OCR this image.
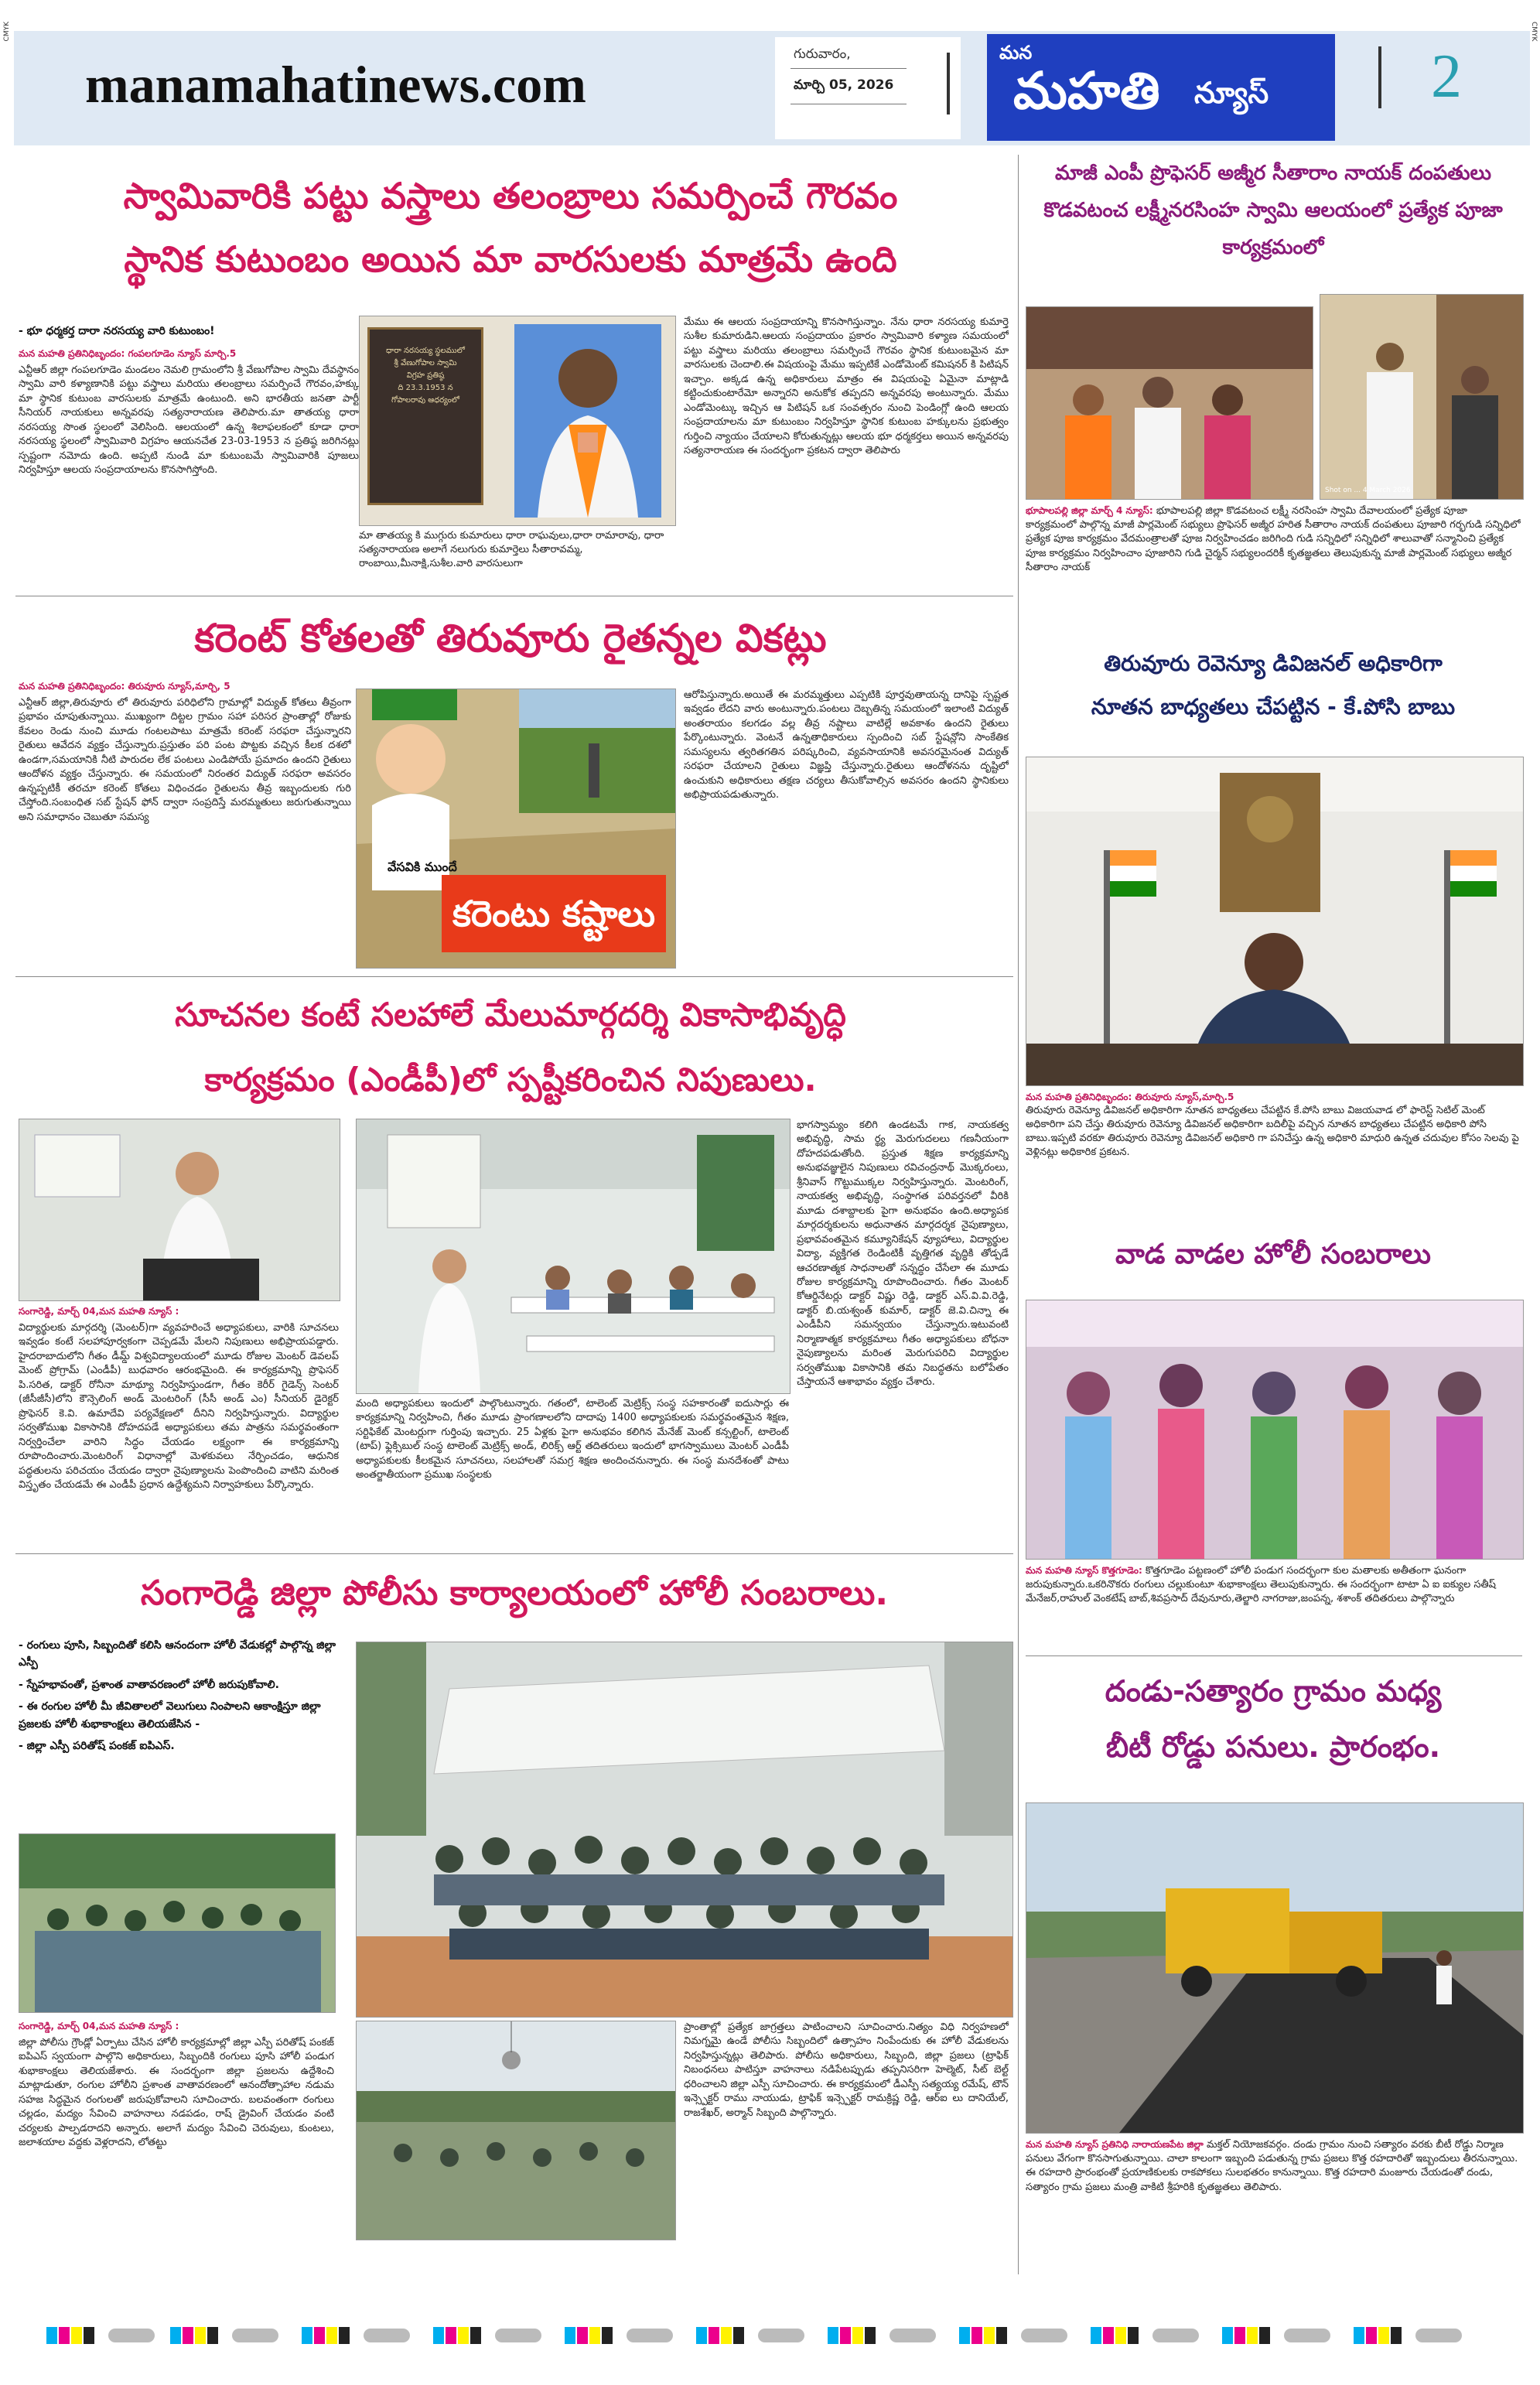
CMYK	CMYK
manamahatinews.com
గురువారం,
మార్చి 05, 2026
మన
మహతి న్యూస్	2
స్వామివారికి పట్టు వస్త్రాలు తలంబ్రాలు సమర్పించే గౌరవం
స్థానిక కుటుంబం అయిన మా వారసులకు మాత్రమే ఉంది
- భూ ధర్మకర్త దారా నరసయ్య వారి కుటుంబం!
మన మహతి ప్రతినిధిబృందం: గంపలగూడెం న్యూస్ మార్చి.5
ఎన్టీఆర్ జిల్లా గంపలగూడెం మండలం నెమలి గ్రామంలోని శ్రీ వేణుగోపాల స్వామి దేవస్థానం స్వామి వారి కళ్యాణానికి పట్టు వస్త్రాలు మరియు తలంబ్రాలు సమర్పించే గౌరవం,హక్కు మా స్థానిక కుటుంబ వారసులకు మాత్రమే ఉంటుంది. అని భారతీయ జనతా పార్టీ సీనియర్ నాయకులు అన్నవరపు సత్యనారాయణ తెలిపారు.మా తాతయ్య ధారా నరసయ్య సొంత స్థలంలో వెలిసింది. ఆలయంలో ఉన్న శిలాఫలకంలో కూడా ధారా నరసయ్య స్థలంలో స్వామివారి విగ్రహం ఆయనచేత 23-03-1953 న ప్రతిష్ఠ జరిగినట్లు స్పష్టంగా నమోదు ఉంది. అప్పటి నుండి మా కుటుంబమే స్వామివారికి పూజలు నిర్వహిస్తూ ఆలయ సంప్రదాయాలను కొనసాగిస్తోంది.
ధారా నరసయ్య స్థలములో
శ్రీ వేణుగోపాల స్వామి
విగ్రహ ప్రతిష్ఠ
ది 23.3.1953 న
గోపాలరావు ఆధర్యంలో
మా తాతయ్య కి ముగ్గురు కుమారులు ధారా రాఘవులు,ధారా రామారావు, ధారా సత్యనారాయణ అలాగే నలుగురు కుమార్తెలు సీతారావమ్మ, రాంబాయి,మీనాక్షి,సుశీల.వారి వారసులుగా
మేము ఈ ఆలయ సంప్రదాయాన్ని కొనసాగిస్తున్నాం. నేను ధారా నరసయ్య కుమార్తె సుశీల కుమారుడిని.ఆలయ సంప్రదాయం ప్రకారం స్వామివారి కళ్యాణ సమయంలో పట్టు వస్త్రాలు మరియు తలంబ్రాలు సమర్పించే గౌరవం స్థానిక కుటుంబమైన మా వారసులకు చెందాలి.ఈ విషయంపై మేము ఇప్పటికే ఎండోమెంట్ కమిషనర్ కి పిటిషన్ ఇచ్చాం. అక్కడ ఉన్న అధికారులు మాత్రం ఈ విషయంపై ఏమైనా మాట్లాడి కట్టించుకుంటారేమో అన్నారని అనుకోక తప్పదని అన్నవరపు అంటున్నారు. మేము ఎండోమెంట్కు ఇచ్చిన ఆ పిటిషన్ ఒక సంవత్సరం నుంచి పెండింగ్లో ఉంది ఆలయ సంప్రదాయాలను మా కుటుంబం నిర్వహిస్తూ స్థానిక కుటుంబ హక్కులను ప్రభుత్వం గుర్తించి న్యాయం చేయాలని కోరుతున్నట్లు ఆలయ భూ ధర్మకర్తలు అయిన అన్నవరపు సత్యనారాయణ ఈ సందర్భంగా ప్రకటన ద్వారా తెలిపారు
కరెంట్ కోతలతో తిరువూరు రైతన్నల వికట్లు
మన మహతి ప్రతినిధిబృందం: తిరువూరు న్యూస్,మార్చి, 5
ఎన్టీఆర్ జిల్లా,తిరువూరు లో తిరువూరు పరిధిలోని గ్రామాల్లో విద్యుత్ కోతలు తీవ్రంగా ప్రభావం చూపుతున్నాయి. ముఖ్యంగా దిట్టల గ్రామం సహా పరిసర ప్రాంతాల్లో రోజుకు కేవలం రెండు నుంచి మూడు గంటలపాటు మాత్రమే కరెంట్ సరఫరా చేస్తున్నారని రైతులు ఆవేదన వ్యక్తం చేస్తున్నారు.ప్రస్తుతం పరి పంట పొట్టకు వచ్చిన కీలక దశలో ఉండగా,సమయానికి నీటి పారుదల లేక పంటలు ఎండిపోయే ప్రమాదం ఉందని రైతులు ఆందోళన వ్యక్తం చేస్తున్నారు. ఈ సమయంలో నిరంతర విద్యుత్ సరఫరా అవసరం ఉన్నప్పటికీ తరచూ కరెంట్ కోతలు విధించడం రైతులను తీవ్ర ఇబ్బందులకు గురి చేస్తోంది.సంబంధిత సబ్ స్టేషన్ ఫోన్ ద్వారా సంప్రదిస్తే మరమ్మతులు జరుగుతున్నాయి అని సమాధానం చెబుతూ సమస్య
వేసవికి ముందే
కరెంటు కష్టాలు
ఆరోపిస్తున్నారు.అయితే ఈ మరమ్మత్తులు ఎప్పటికి పూర్తవుతాయన్న దానిపై స్పష్టత ఇవ్వడం లేదని వారు అంటున్నారు.పంటలు దెబ్బతిన్న సమయంలో ఇలాంటి విద్యుత్ అంతరాయం కలగడం వల్ల తీవ్ర నష్టాలు వాటిల్లే అవకాశం ఉందని రైతులు పేర్కొంటున్నారు. వెంటనే ఉన్నతాధికారులు స్పందించి సబ్ స్టేషన్లోని సాంకేతిక సమస్యలను త్వరితగతిన పరిష్కరించి, వ్యవసాయానికి అవసరమైనంత విద్యుత్ సరఫరా చేయాలని రైతులు విజ్ఞప్తి చేస్తున్నారు.రైతులు ఆందోళనను దృష్టిలో ఉంచుకుని అధికారులు తక్షణ చర్యలు తీసుకోవాల్సిన అవసరం ఉందని స్థానికులు అభిప్రాయపడుతున్నారు.
సూచనల కంటే సలహాలే మేలుమార్గదర్శి వికాసాభివృద్ధి
కార్యక్రమం (ఎండీపీ)లో స్పష్టీకరించిన నిపుణులు.
సంగారెడ్డి, మార్చ్ 04,మన మహతి న్యూస్ :
విద్యార్థులకు మార్గదర్శి (మెంటర్)గా వ్యవహరించే అధ్యాపకులు, వారికి సూచనలు ఇవ్వడం కంటే సలహాపూర్వకంగా చెప్పడమే మేలని నిపుణులు అభిప్రాయపడ్డారు. హైదరాబాదులోని గీతం డీమ్డ్ విశ్వవిద్యాలయంలో మూడు రోజుల మెంటర్ డెవలప్ మెంట్ ప్రోగ్రామ్ (ఎండీపీ) బుధవారం ఆరంభమైంది. ఈ కార్యక్రమాన్ని ప్రొఫెసర్ పి.సరిత, డాక్టర్ రోనీనా మాథ్యూ నిర్వహిస్తుండగా, గీతం కెరీర్ గైడెన్స్ సెంటర్ (జీసీజీసీ)లోని కౌన్సెలింగ్ అండ్ మెంటరింగ్ (సీసీ అండ్ ఎం) సీనియర్ డైరెక్టర్ ప్రొఫెసర్ కె.వి. ఉమాదేవి పర్యవేక్షణలో దీనిని నిర్వహిస్తున్నారు. విద్యార్థుల సర్వతోముఖ వికాసానికి దోహదపడే అధ్యాపకులు తమ పాత్రను సమర్థవంతంగా నిర్వర్తించేలా వారిని సిద్ధం చేయడం లక్ష్యంగా ఈ కార్యక్రమాన్ని రూపొందించారు.మెంటరింగ్ విధానాల్లో మెళకువలు నేర్పించడం, ఆధునిక పద్ధతులను పరిచయం చేయడం ద్వారా నైపుణ్యాలను పెంపొందించి వాటిని మరింత విస్తృతం చేయడమే ఈ ఎండీపీ ప్రధాన ఉద్దేశ్యమని నిర్వాహకులు పేర్కొన్నారు.
మంది అధ్యాపకులు ఇందులో పాల్గొంటున్నారు. గతంలో, టాలెంట్ మెట్రిక్స్ సంస్థ సహకారంతో ఐదుసార్లు ఈ కార్యక్రమాన్ని నిర్వహించి, గీతం మూడు ప్రాంగణాలలోని దాదాపు 1400 అధ్యాపకులకు సమర్థవంతమైన శిక్షణ, సర్టిఫికేట్ మెంటర్లుగా గుర్తింపు ఇచ్చారు. 25 ఏళ్లకు పైగా అనుభవం కలిగిన మేనేజ్ మెంట్ కన్సల్టింగ్, టాలెంట్ (టాప్) ఫ్లెక్సిబుల్ సంస్థ టాలెంట్ మెట్రిక్స్ అండ్, లిరిక్స్ ఆర్ట్ తదితరులు ఇందులో భాగస్వాములు మెంటర్ ఎండీపీ అధ్యాపకులకు కీలకమైన సూచనలు, సలహాలతో సమగ్ర శిక్షణ అందించనున్నారు. ఈ సంస్థ మనదేశంతో పాటు అంతర్జాతీయంగా ప్రముఖ సంస్థలకు
భాగస్వామ్యం కలిగి ఉండటమే గాక, నాయకత్వ అభివృద్ధి, సామ ర్థ్య మెరుగుదలలు గణనీయంగా దోహదపడుతోంది. ప్రస్తుత శిక్షణ కార్యక్రమాన్ని అనుభవజ్ఞులైన నిపుణులు రవిచంద్రనాథ్ మొక్కరంలు, శ్రీనివాస్ గొట్టుముక్కల నిర్వహిస్తున్నారు. మెంటరింగ్, నాయకత్వ అభివృద్ధి, సంస్థాగత పరివర్తనలో వీరికి మూడు దశాబ్దాలకు పైగా అనుభవం ఉంది.అధ్యాపక మార్గదర్శకులను అధునాతన మార్గదర్శక నైపుణ్యాలు, ప్రభావవంతమైన కమ్యూనికేషన్ వ్యూహాలు, విద్యార్థుల విద్యా, వ్యక్తిగత రెండింటికీ వృత్తిగత వృద్ధికి తోడ్పడే ఆచరణాత్మక సాధనాలతో సన్నద్ధం చేసేలా ఈ మూడు రోజుల కార్యక్రమాన్ని రూపొందించారు. గీతం మెంటర్ కోఆర్డినేటర్లు డాక్టర్ విష్ణు రెడ్డి, డాక్టర్ ఎస్.వి.వి.రెడ్డి, డాక్టర్ బి.యశ్వంత్ కుమార్, డాక్టర్ జె.వి.చిన్నా ఈ ఎండీపీని సమన్వయం చేస్తున్నారు.ఇటువంటి నిర్మాణాత్మక కార్యక్రమాలు గీతం అధ్యాపకులు బోధనా నైపుణ్యాలను మరింత మెరుగుపరిచి విద్యార్థుల సర్వతోముఖ వికాసానికి తమ నిబద్ధతను బలోపేతం చేస్తాయనే ఆశాభావం వ్యక్తం చేశారు.
సంగారెడ్డి జిల్లా పోలీసు కార్యాలయంలో హోలీ సంబరాలు.
- రంగులు పూసి, సిబ్బందితో కలిసి ఆనందంగా హోలీ వేడుకల్లో పాల్గొన్న జిల్లా ఎస్పీ
- స్నేహభావంతో, ప్రశాంత వాతావరణంలో హోలీ జరుపుకోవాలి.
- ఈ రంగుల హోలీ మీ జీవితాలలో వెలుగులు నింపాలని ఆకాంక్షిస్తూ జిల్లా ప్రజలకు హోలీ శుభాకాంక్షలు తెలియజేసిన -
- జిల్లా ఎస్పీ పరితోష్ పంకజ్ ఐపిఎస్.
సంగారెడ్డి, మార్చ్ 04,మన మహతి న్యూస్ :
జిల్లా పోలీసు గ్రౌండ్లో ఏర్పాటు చేసిన హోలీ కార్యక్రమాల్లో జిల్లా ఎస్పీ పరితోష్ పంకజ్ ఐపిఎస్ స్వయంగా పాల్గొని అధికారులు, సిబ్బందికి రంగులు పూసి హోలీ పండుగ శుభాకాంక్షలు తెలియజేశారు. ఈ సందర్భంగా జిల్లా ప్రజలను ఉద్దేశించి మాట్లాడుతూ, రంగుల హోలీని ప్రశాంత వాతావరణంలో ఆనందోత్సాహాల నడుమ సహజ సిద్ధమైన రంగులతో జరుపుకోవాలని సూచించారు. బలవంతంగా రంగులు చల్లడం, మద్యం సేవించి వాహనాలు నడపడం, రాష్ డ్రైవింగ్ చేయడం వంటి చర్యలకు పాల్పడరాదని అన్నారు. అలాగే మద్యం సేవించి చెరువులు, కుంటలు, జలాశయాల వద్దకు వెళ్లరాదని, లోతట్టు
ప్రాంతాల్లో ప్రత్యేక జాగ్రత్తలు పాటించాలని సూచించారు.నిత్యం విధి నిర్వహణలో నిమగ్నమై ఉండే పోలీసు సిబ్బందిలో ఉత్సాహం నింపేందుకు ఈ హోలీ వేడుకలను నిర్వహిస్తున్నట్లు తెలిపారు. పోలీసు అధికారులు, సిబ్బంది, జిల్లా ప్రజలు (ట్రాఫిక్ నిబంధనలు పాటిస్తూ వాహనాలు నడిపేటప్పుడు తప్పనిసరిగా హెల్మెట్, సీట్ బెల్ట్ ధరించాలని జిల్లా ఎస్పీ సూచించారు. ఈ కార్యక్రమంలో డీఎస్పీ సత్యయ్య రమేష్, టౌన్ ఇన్స్పెక్టర్ రాము నాయుడు, ట్రాఫిక్ ఇన్స్పెక్టర్ రామక్రిష్ణ రెడ్డి, ఆర్ఐ లు దానియేల్, రాజశేఖర్, అర్మాన్ సిబ్బంది పాల్గొన్నారు.
మాజీ ఎంపీ ప్రొఫెసర్ అజ్మీర సీతారాం నాయక్ దంపతులు కొడవటంచ లక్ష్మీనరసింహ స్వామి ఆలయంలో ప్రత్యేక పూజా కార్యక్రమంలో
Shot on ... 4 March 2026
భూపాలపల్లి జిల్లా మార్చ్ 4 న్యూస్: భూపాలపల్లి జిల్లా కొడవటంచ లక్ష్మీ నరసింహ స్వామి దేవాలయంలో ప్రత్యేక పూజా కార్యక్రమంలో పాల్గొన్న మాజీ పార్లమెంట్ సభ్యులు ప్రొఫెసర్ అజ్మీర హరిత సీతారాం నాయక్ దంపతులు పూజారి గర్భగుడి సన్నిధిలో ప్రత్యేక పూజ కార్యక్రమం వేదమంత్రాలతో పూజ నిర్వహించడం జరిగింది గుడి సన్నిధిలో సన్నిధిలో శాలువాతో సన్మానించి ప్రత్యేక పూజ కార్యక్రమం నిర్వహించాం పూజారిని గుడి చైర్మన్ సభ్యులందరికీ కృతజ్ఞతలు తెలుపుకున్న మాజీ పార్లమెంట్ సభ్యులు అజ్మీర సీతారాం నాయక్
తిరువూరు రెవెన్యూ డివిజనల్ అధికారిగా
నూతన బాధ్యతలు చేపట్టిన - కే.పోసి బాబు
మన మహతి ప్రతినిధిబృందం: తిరువూరు న్యూస్,మార్చి.5
తిరువూరు రెవెన్యూ డివిజనల్ అధికారిగా నూతన బాధ్యతలు చేపట్టిన కే.పోసి బాబు విజయవాడ లో ఫారెస్ట్ సెటిల్ మెంట్ అధికారిగా పని చేస్తు తిరువూరు రెవెన్యూ డివిజనల్ అధికారిగా బదిలీపై వచ్చిన నూతన బాధ్యతలు చేపట్టిన అధికారి పోసి బాబు.ఇప్పటి వరకూ తిరువూరు రెవెన్యూ డివిజనల్ అధికారి గా పనిచేస్తు ఉన్న అధికారి మాధురి ఉన్నత చదువుల కోసం సెలవు పై వెళ్లినట్లు అధికారిక ప్రకటన.
వాడ వాడల హోలీ సంబరాలు
మన మహతి న్యూస్ కొత్తగూడెం: కొత్తగూడెం పట్టణంలో హోలీ పండుగ సందర్భంగా కుల మతాలకు అతీతంగా ఘనంగా జరుపుకున్నారు.ఒకరినొకరు రంగులు చల్లుకుంటూ శుభాకాంక్షలు తెలుపుకున్నారు. ఈ సందర్భంగా టాటా ఏ ఐ ఐక్యుల సతీష్ మేనేజర్,రాహుల్ వెంకటేష్ బాబ్,శివప్రసాద్ దేవునూరు,తెల్జారి నాగరాజు,జంపన్న, శశాంక్ తదితరులు పాల్గొన్నారు
దండు-సత్యారం గ్రామం మధ్య
బీటీ రోడ్డు పనులు. ప్రారంభం.
మన మహతి న్యూస్ ప్రతినిధి నారాయణపేట జిల్లా మక్తల్ నియోజకవర్గం. దండు గ్రామం నుంచి సత్యారం వరకు బీటీ రోడ్డు నిర్మాణ పనులు వేగంగా కొనసాగుతున్నాయి. చాలా కాలంగా ఇబ్బంది పడుతున్న గ్రామ ప్రజలు కొత్త రహదారితో ఇబ్బందులు తీరనున్నాయి. ఈ రహదారి ప్రారంభంతో ప్రయాణికులకు రాకపోకలు సులభతరం కానున్నాయి. కొత్త రహదారి మంజూరు చేయడంతో దండు, సత్యారం గ్రామ ప్రజలు మంత్రి వాకిటి శ్రీహరికి కృతజ్ఞతలు తెలిపారు.
